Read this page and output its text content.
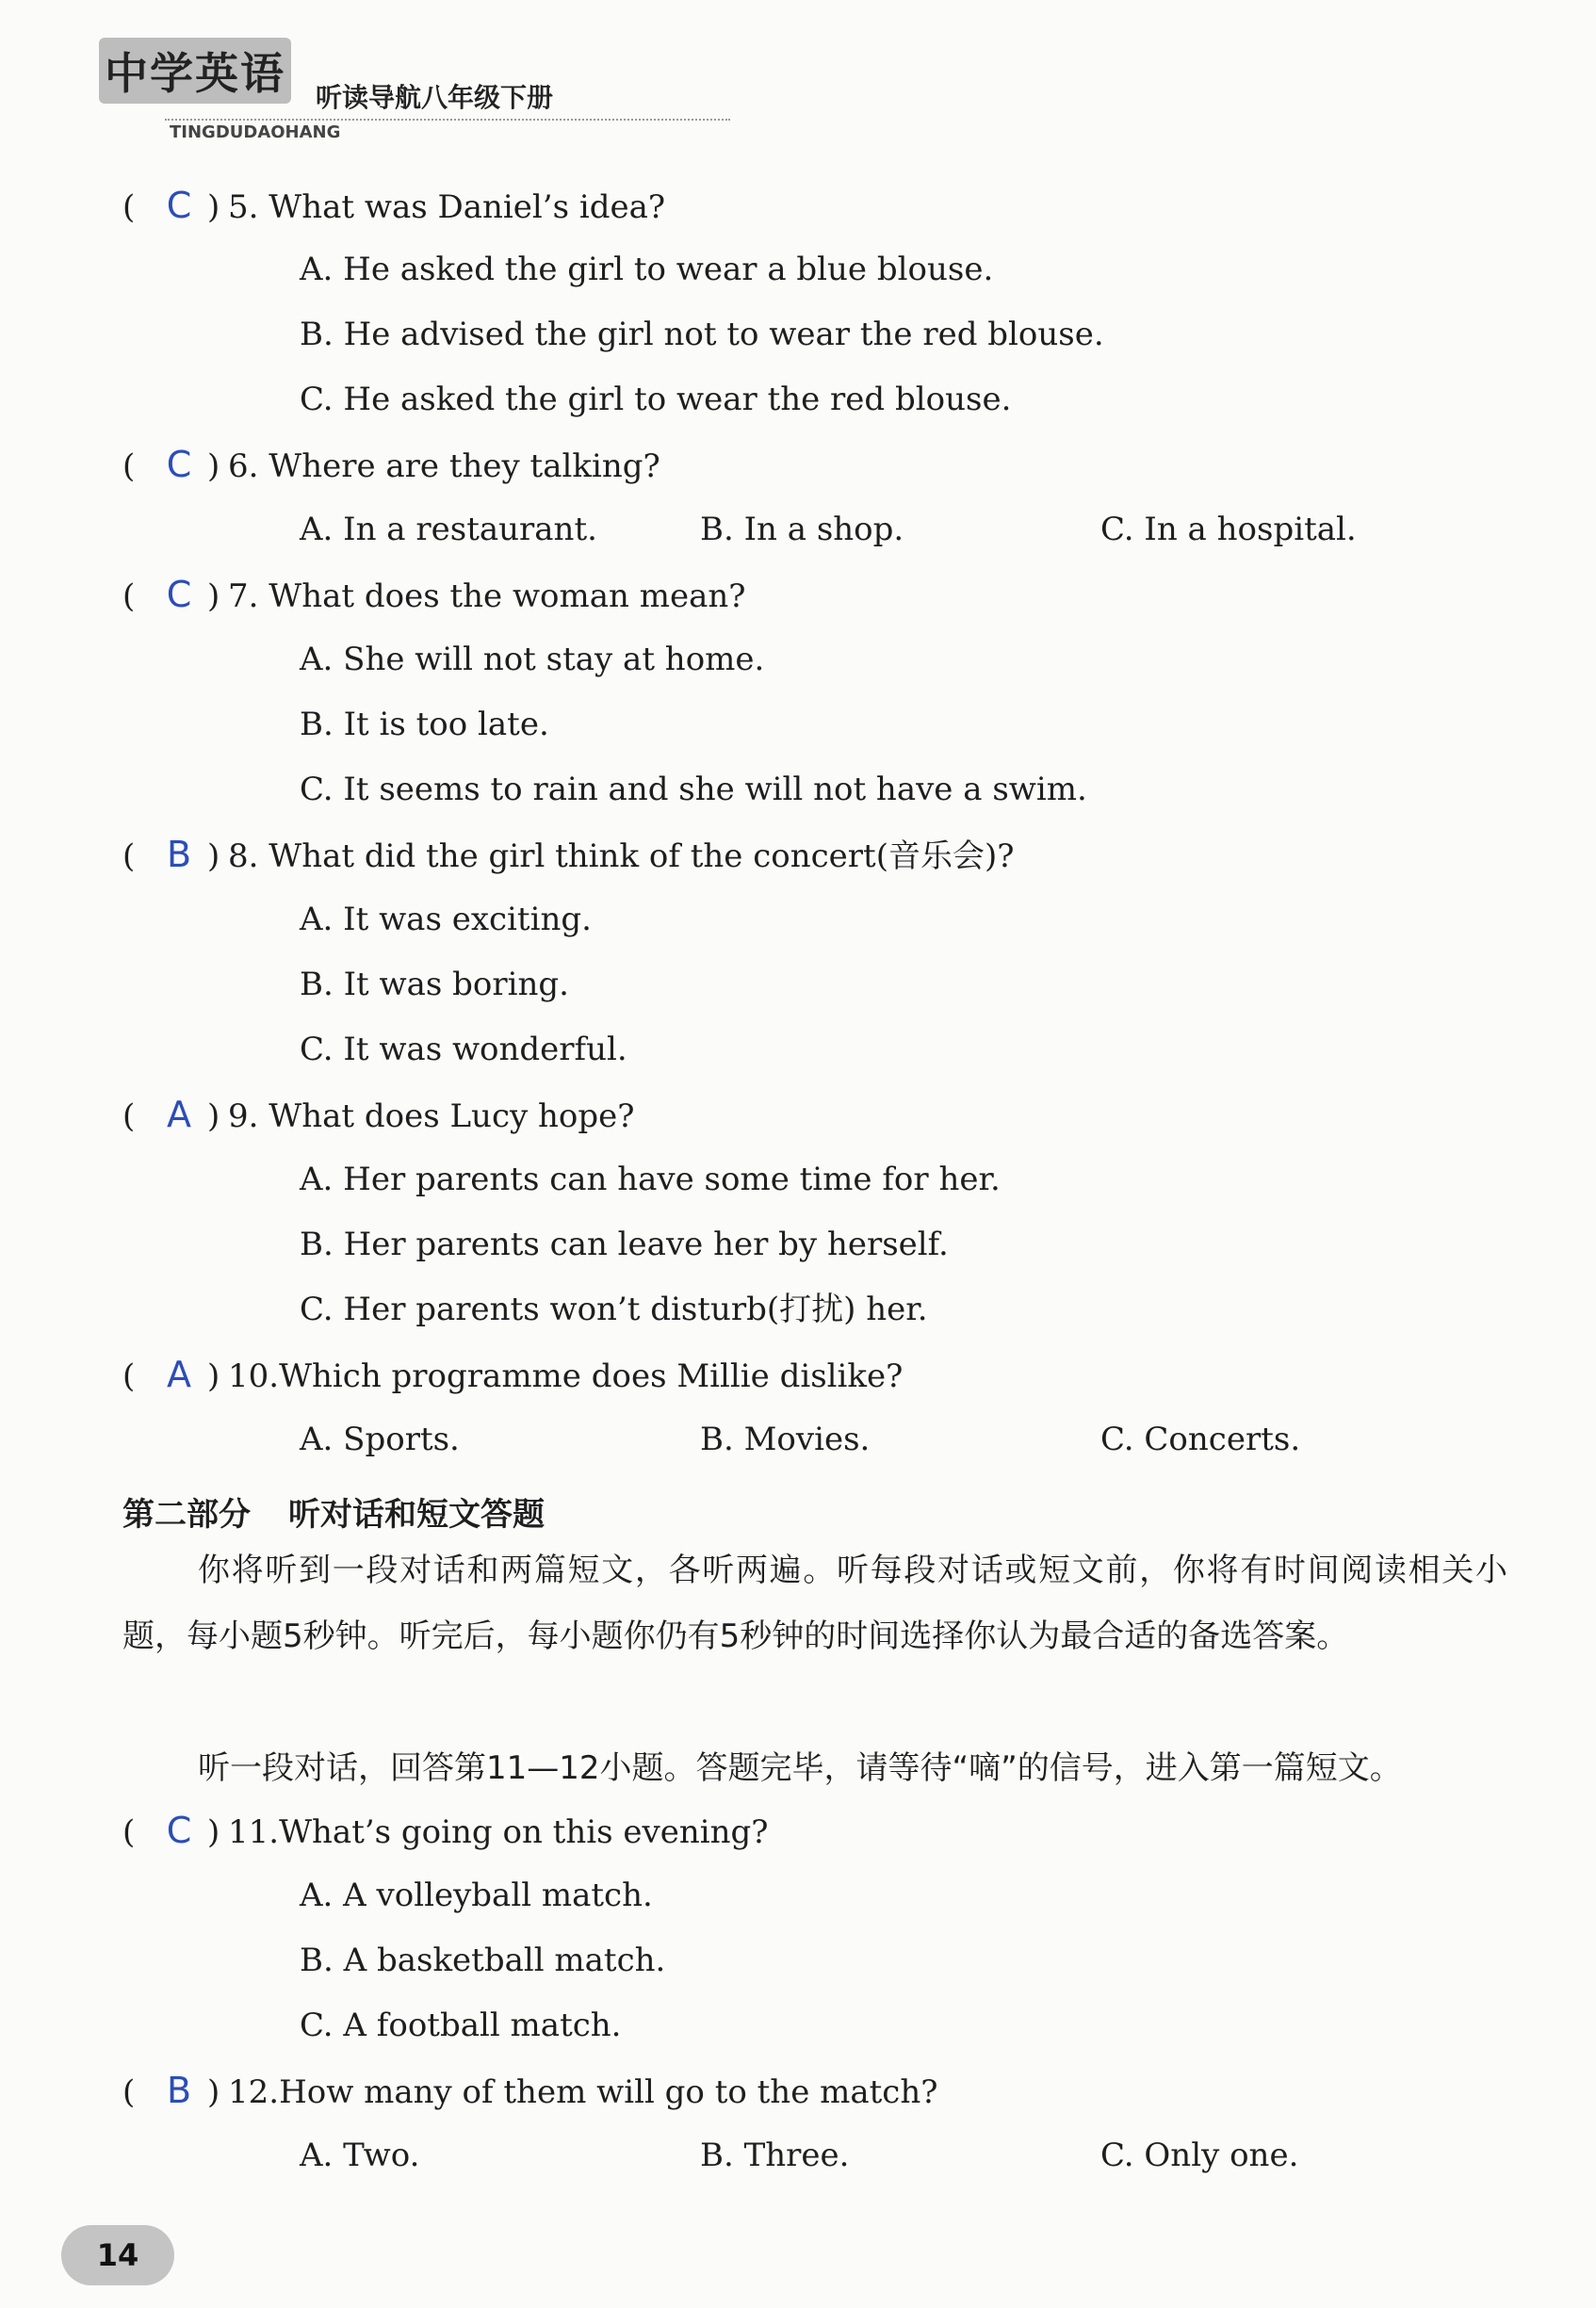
中学英语	听读导航八年级下册
TINGDUDAOHANG
( C ) 5. What was Daniel’s idea?
A. He asked the girl to wear a blue blouse.
B. He advised the girl not to wear the red blouse.
C. He asked the girl to wear the red blouse.
( C ) 6. Where are they talking?
A. In a restaurant.	B. In a shop.	C. In a hospital.
( C ) 7. What does the woman mean?
A. She will not stay at home.
B. It is too late.
C. It seems to rain and she will not have a swim.
( B ) 8. What did the girl think of the concert(音乐会)?
A. It was exciting.
B. It was boring.
C. It was wonderful.
( A ) 9. What does Lucy hope?
A. Her parents can have some time for her.
B. Her parents can leave her by herself.
C. Her parents won’t disturb(打扰) her.
( A ) 10.Which programme does Millie dislike?
A. Sports.	B. Movies.	C. Concerts.
第二部分 听对话和短文答题
你将听到一段对话和两篇短文，各听两遍。听每段对话或短文前，你将有时间阅读相关小题，每小题5秒钟。听完后，每小题你仍有5秒钟的时间选择你认为最合适的备选答案。
听一段对话，回答第11—12小题。答题完毕，请等待“嘀”的信号，进入第一篇短文。
( C ) 11.What’s going on this evening?
A. A volleyball match.
B. A basketball match.
C. A football match.
( B ) 12.How many of them will go to the match?
A. Two.	B. Three.	C. Only one.
14
